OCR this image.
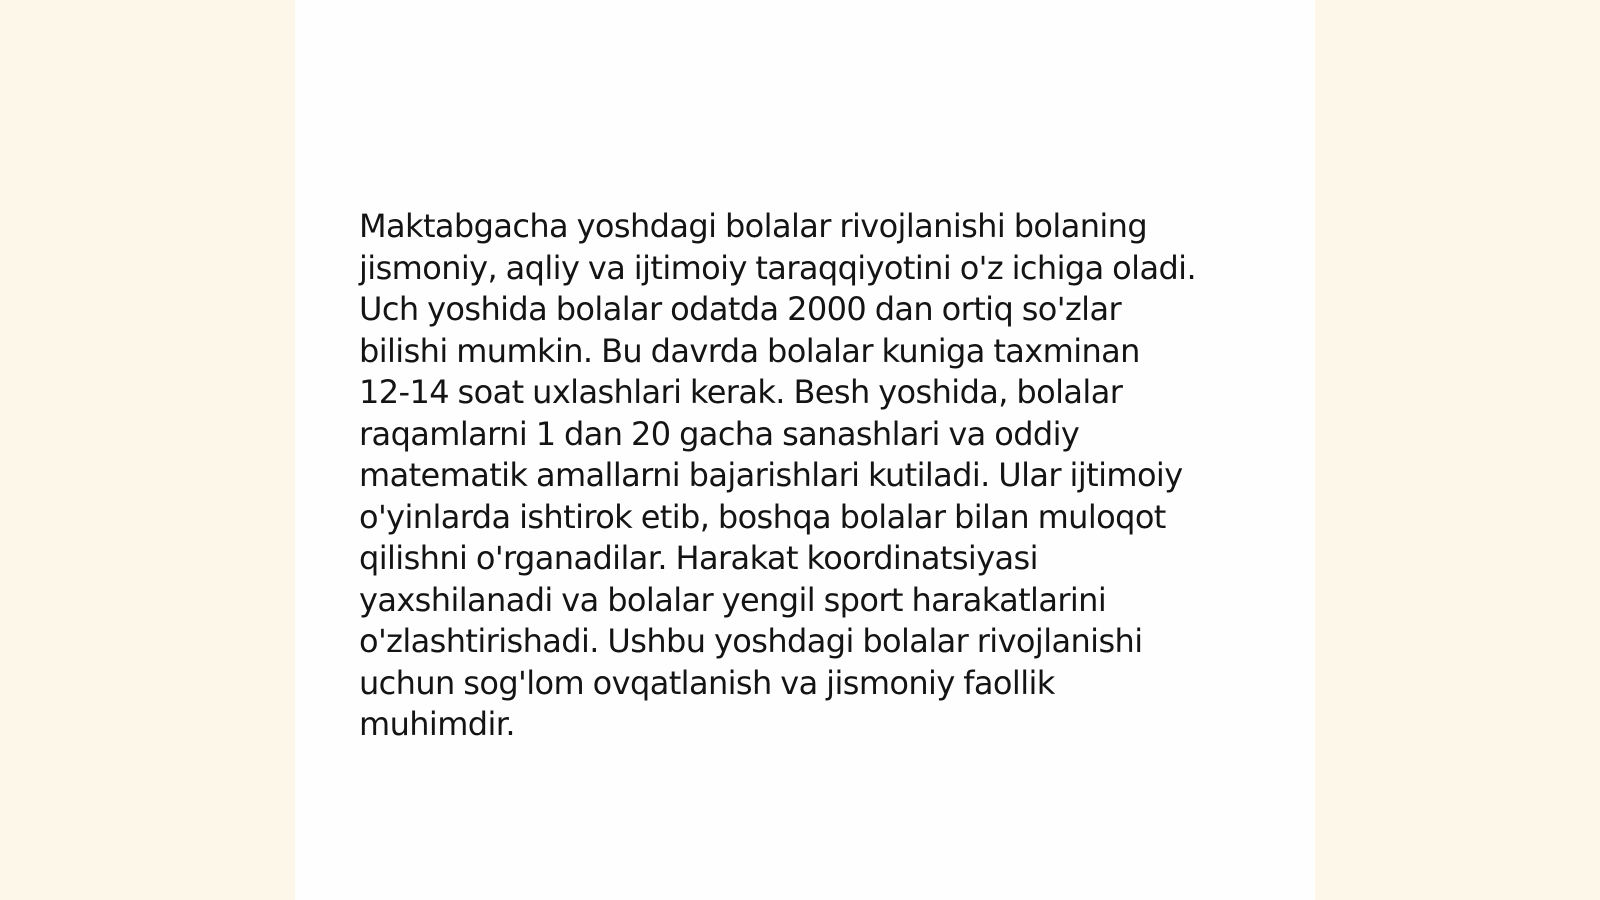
Maktabgacha yoshdagi bolalar rivojlanishi bolaning
jismoniy, aqliy va ijtimoiy taraqqiyotini o'z ichiga oladi.
Uch yoshida bolalar odatda 2000 dan ortiq so'zlar
bilishi mumkin. Bu davrda bolalar kuniga taxminan
12-14 soat uxlashlari kerak. Besh yoshida, bolalar
raqamlarni 1 dan 20 gacha sanashlari va oddiy
matematik amallarni bajarishlari kutiladi. Ular ijtimoiy
o'yinlarda ishtirok etib, boshqa bolalar bilan muloqot
qilishni o'rganadilar. Harakat koordinatsiyasi
yaxshilanadi va bolalar yengil sport harakatlarini
o'zlashtirishadi. Ushbu yoshdagi bolalar rivojlanishi
uchun sog'lom ovqatlanish va jismoniy faollik
muhimdir.
